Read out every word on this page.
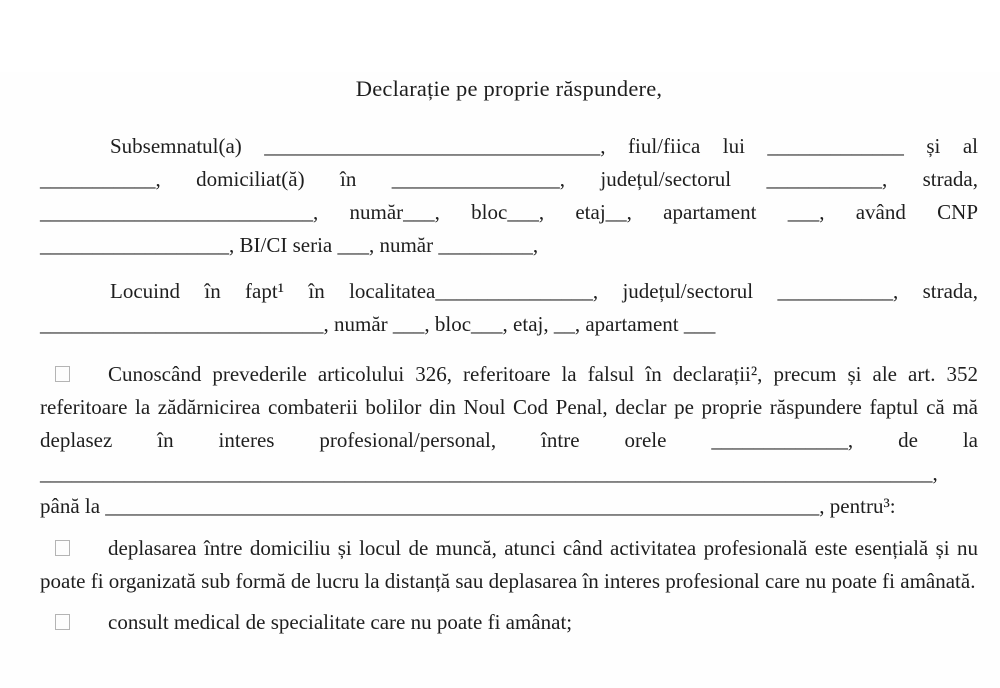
Declarație pe proprie răspundere,

Subsemnatul(a) ________________________________, fiul/fiica lui _____________ și al ___________, domiciliat(ă) în ________________, județul/sectorul ___________, strada, __________________________, număr___, bloc___, etaj__, apartament ___, având CNP __________________, BI/CI seria ___, număr _________,

Locuind în fapt¹ în localitatea_______________, județul/sectorul ___________, strada, ___________________________, număr ___, bloc___, etaj, __, apartament ___

Cunoscând prevederile articolului 326, referitoare la falsul în declarații², precum și ale art. 352 referitoare la zădărnicirea combaterii bolilor din Noul Cod Penal, declar pe proprie răspundere faptul că mă deplasez în interes profesional/personal, între orele _____________, de la _____________________________________________________________________________________, până la ____________________________________________________________________, pentru³:

deplasarea între domiciliu și locul de muncă, atunci când activitatea profesională este esențială și nu poate fi organizată sub formă de lucru la distanță sau deplasarea în interes profesional care nu poate fi amânată.

consult medical de specialitate care nu poate fi amânat;
